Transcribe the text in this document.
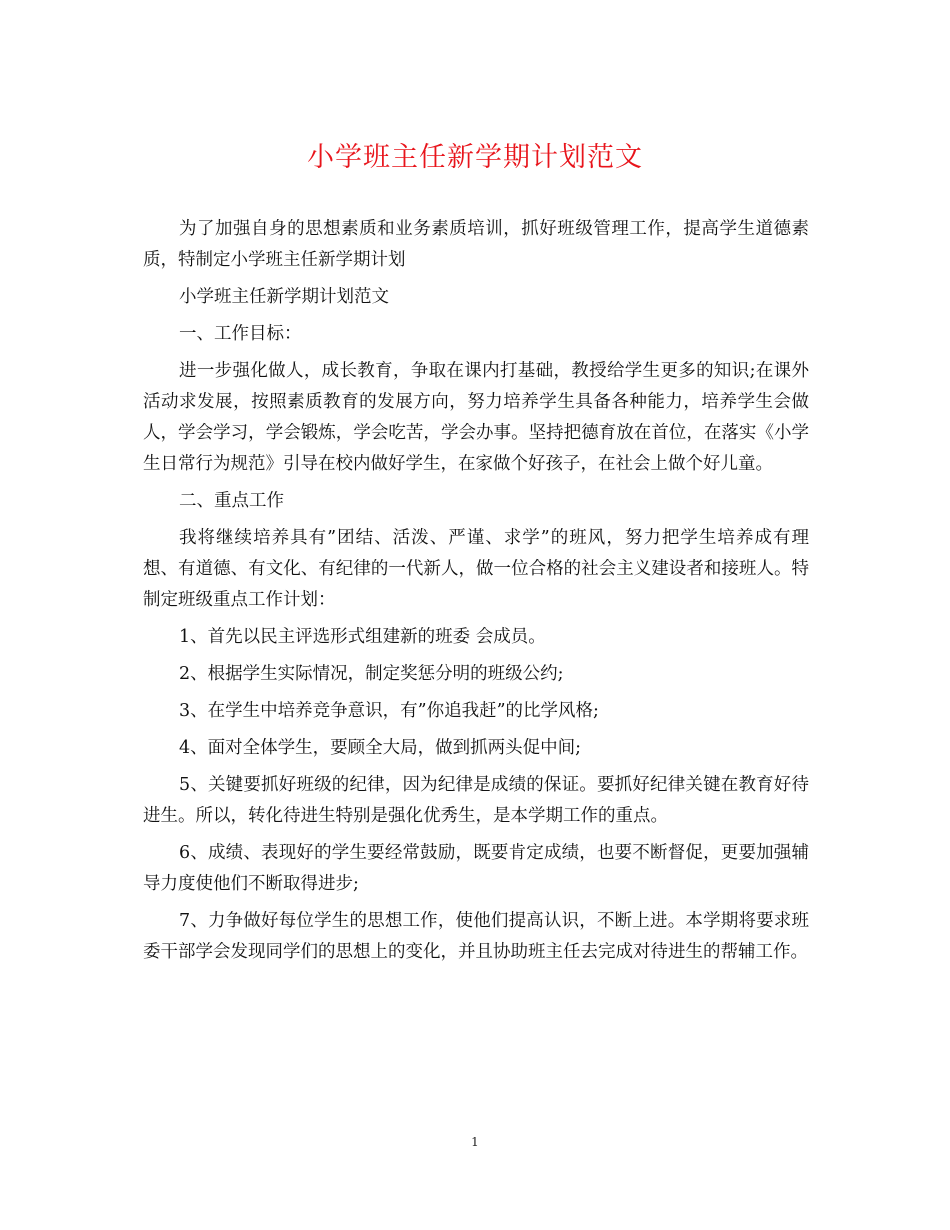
小学班主任新学期计划范文

为了加强自身的思想素质和业务素质培训，抓好班级管理工作，提高学生道德素质，特制定小学班主任新学期计划

小学班主任新学期计划范文

一、工作目标：

进一步强化做人，成长教育，争取在课内打基础，教授给学生更多的知识;在课外活动求发展，按照素质教育的发展方向，努力培养学生具备各种能力，培养学生会做人，学会学习，学会锻炼，学会吃苦，学会办事。坚持把德育放在首位，在落实《小学生日常行为规范》引导在校内做好学生，在家做个好孩子，在社会上做个好儿童。

二、重点工作

我将继续培养具有”团结、活泼、严谨、求学”的班风，努力把学生培养成有理想、有道德、有文化、有纪律的一代新人，做一位合格的社会主义建设者和接班人。特制定班级重点工作计划：

1、首先以民主评选形式组建新的班委 会成员。

2、根据学生实际情况，制定奖惩分明的班级公约;

3、在学生中培养竞争意识，有”你追我赶”的比学风格;

4、面对全体学生，要顾全大局，做到抓两头促中间;

5、关键要抓好班级的纪律，因为纪律是成绩的保证。要抓好纪律关键在教育好待进生。所以，转化待进生特别是强化优秀生，是本学期工作的重点。

6、成绩、表现好的学生要经常鼓励，既要肯定成绩，也要不断督促，更要加强辅导力度使他们不断取得进步;

7、力争做好每位学生的思想工作，使他们提高认识，不断上进。本学期将要求班委干部学会发现同学们的思想上的变化，并且协助班主任去完成对待进生的帮辅工作。

1
